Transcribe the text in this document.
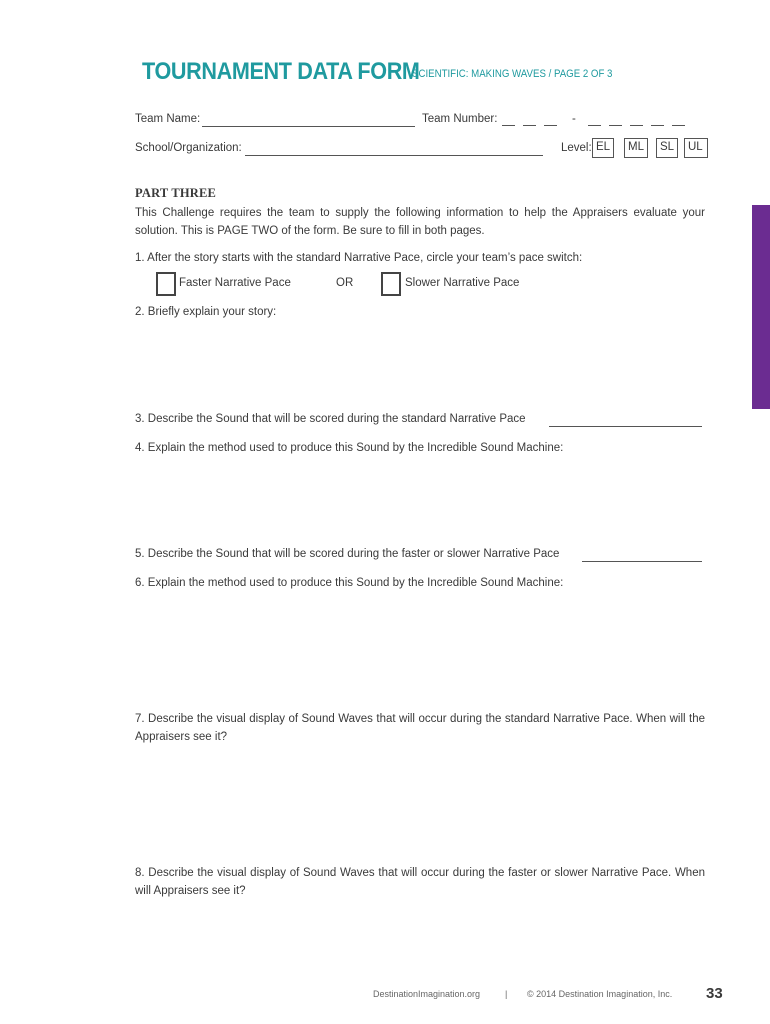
TOURNAMENT DATA FORM
SCIENTIFIC: MAKING WAVES / PAGE 2 OF 3
Team Name:	Team Number:	-
School/Organization:	Level: EL	ML	SL	UL
PART THREE
This Challenge requires the team to supply the following information to help the Appraisers evaluate your solution. This is PAGE TWO of the form. Be sure to fill in both pages.
1. After the story starts with the standard Narrative Pace, circle your team’s pace switch:
Faster Narrative Pace	OR	Slower Narrative Pace
2. Briefly explain your story:
3. Describe the Sound that will be scored during the standard Narrative Pace
4. Explain the method used to produce this Sound by the Incredible Sound Machine:
5. Describe the Sound that will be scored during the faster or slower Narrative Pace
6. Explain the method used to produce this Sound by the Incredible Sound Machine:
7. Describe the visual display of Sound Waves that will occur during the standard Narrative Pace. When will the Appraisers see it?
8. Describe the visual display of Sound Waves that will occur during the faster or slower Narrative Pace. When will Appraisers see it?
DestinationImagination.org	| © 2014 Destination Imagination, Inc. 33
